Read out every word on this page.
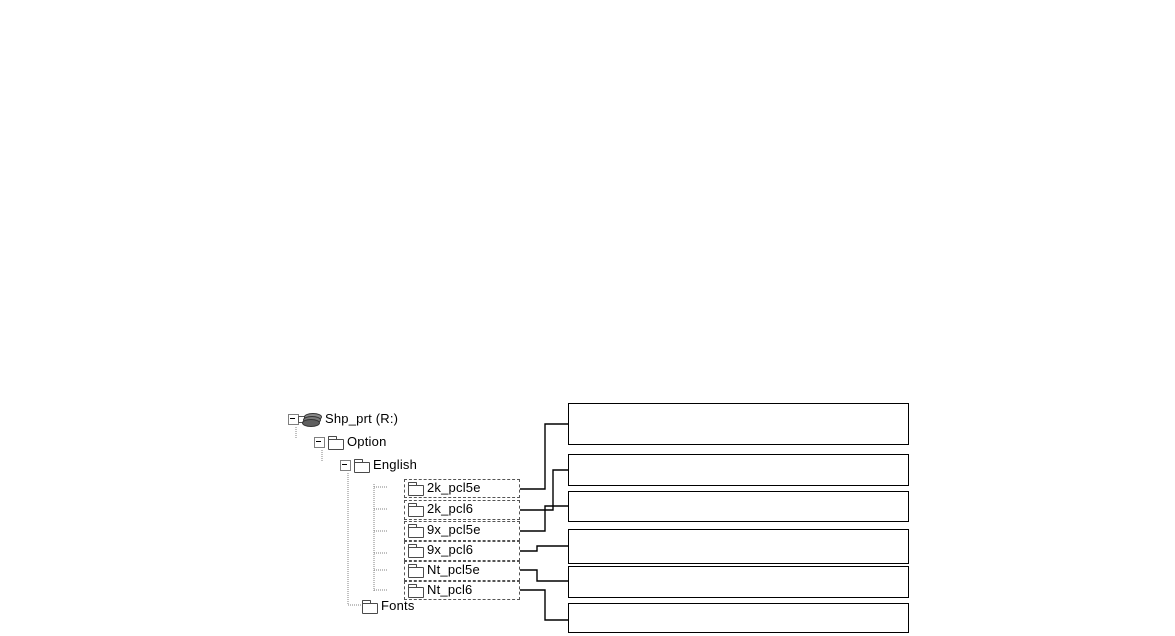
Shp_prt (R:)
Option
English
2k_pcl5e
2k_pcl6
9x_pcl5e
9x_pcl6
Nt_pcl5e
Nt_pcl6
Fonts
